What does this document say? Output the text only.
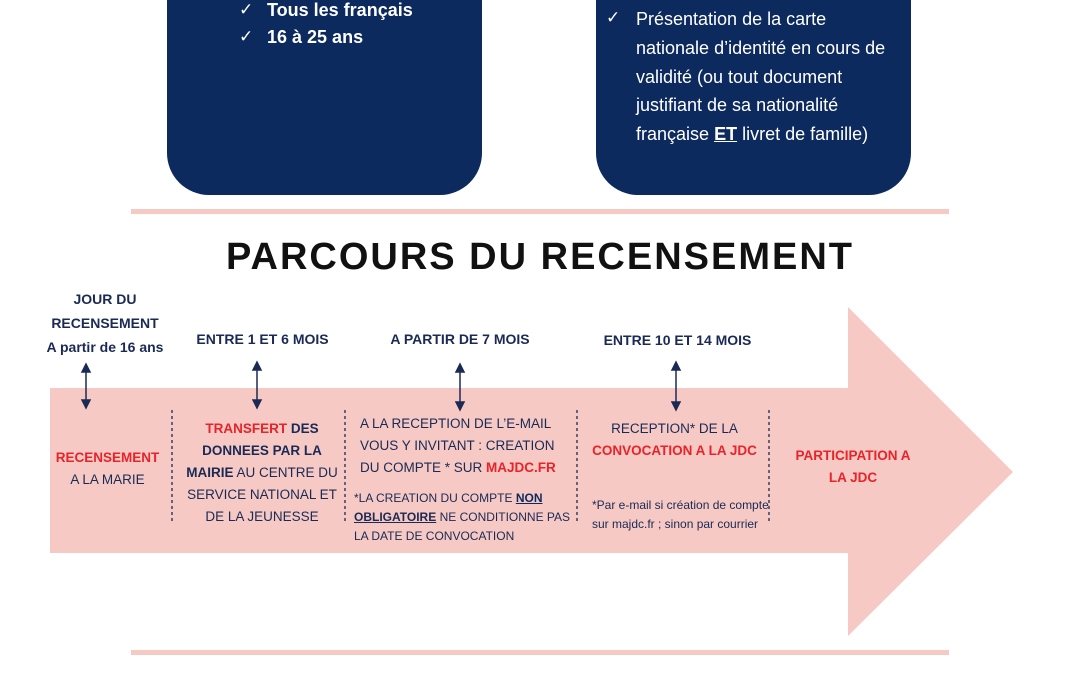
✓ Tous les français
✓ 16 à 25 ans
✓ Présentation de la carte nationale d’identité en cours de validité (ou tout document justifiant de sa nationalité française ET livret de famille)
PARCOURS DU RECENSEMENT
JOUR DU
RECENSEMENT
A partir de 16 ans	ENTRE 1 ET 6 MOIS	A PARTIR DE 7 MOIS	ENTRE 10 ET 14 MOIS
RECENSEMENT
A LA MARIE
TRANSFERT DES DONNEES PAR LA MAIRIE AU CENTRE DU SERVICE NATIONAL ET DE LA JEUNESSE
A LA RECEPTION DE L’E-MAIL VOUS Y INVITANT : CREATION DU COMPTE * SUR MAJDC.FR
*LA CREATION DU COMPTE NON OBLIGATOIRE NE CONDITIONNE PAS LA DATE DE CONVOCATION
RECEPTION* DE LA
CONVOCATION A LA JDC
*Par e-mail si création de compte sur majdc.fr ; sinon par courrier
PARTICIPATION A LA JDC
